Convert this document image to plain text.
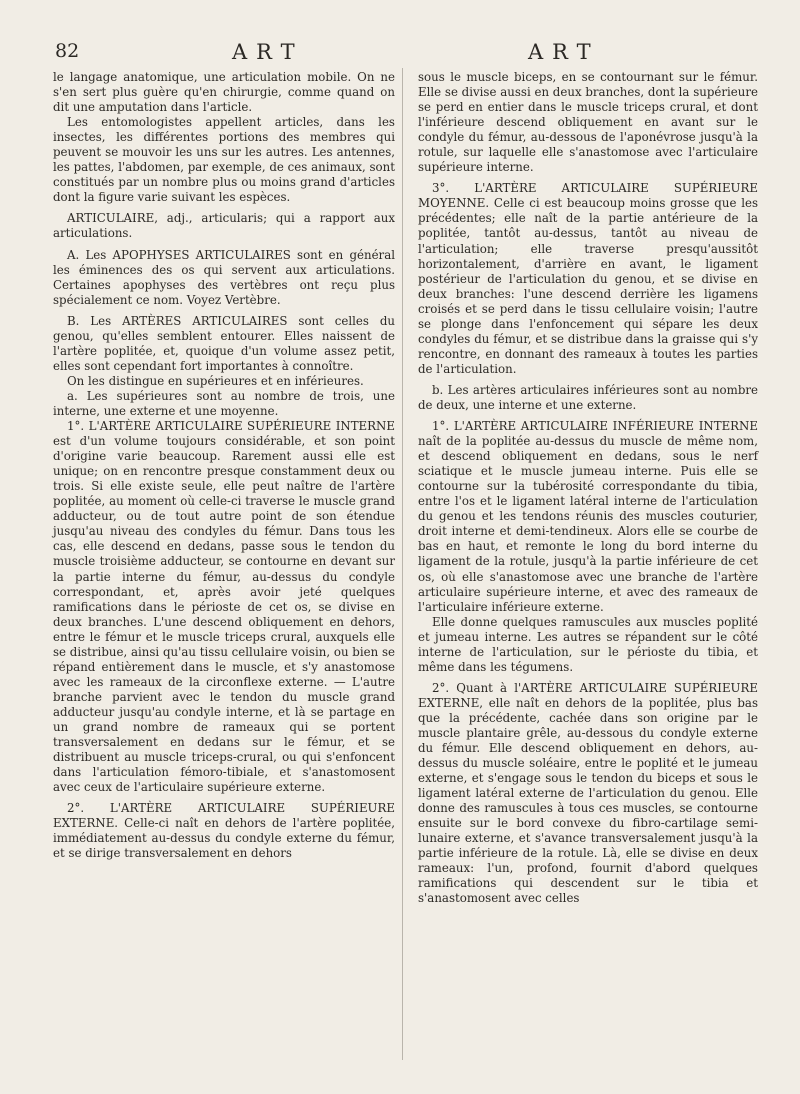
82	ART	ART

le langage anatomique, une articulation mobile. On ne s'en sert plus guère qu'en chirurgie, comme quand on dit une amputation dans l'article.

Les entomologistes appellent articles, dans les insectes, les différentes portions des membres qui peuvent se mouvoir les uns sur les autres. Les antennes, les pattes, l'abdomen, par exemple, de ces animaux, sont constitués par un nombre plus ou moins grand d'articles dont la figure varie suivant les espèces.

ARTICULAIRE, adj., articularis; qui a rapport aux articulations.

A. Les APOPHYSES ARTICULAIRES sont en général les éminences des os qui servent aux articulations. Certaines apophyses des vertèbres ont reçu plus spécialement ce nom. Voyez Vertèbre.

B. Les ARTÈRES ARTICULAIRES sont celles du genou, qu'elles semblent entourer. Elles naissent de l'artère poplitée, et, quoique d'un volume assez petit, elles sont cependant fort importantes à connoître.

On les distingue en supérieures et en inférieures.

a. Les supérieures sont au nombre de trois, une interne, une externe et une moyenne.

1°. L'ARTÈRE ARTICULAIRE SUPÉRIEURE INTERNE est d'un volume toujours considérable, et son point d'origine varie beaucoup. Rarement aussi elle est unique; on en rencontre presque constamment deux ou trois. Si elle existe seule, elle peut naître de l'artère poplitée, au moment où celle-ci traverse le muscle grand adducteur, ou de tout autre point de son étendue jusqu'au niveau des condyles du fémur. Dans tous les cas, elle descend en dedans, passe sous le tendon du muscle troisième adducteur, se contourne en devant sur la partie interne du fémur, au-dessus du condyle correspondant, et, après avoir jeté quelques ramifications dans le périoste de cet os, se divise en deux branches. L'une descend obliquement en dehors, entre le fémur et le muscle triceps crural, auxquels elle se distribue, ainsi qu'au tissu cellulaire voisin, ou bien se répand entièrement dans le muscle, et s'y anastomose avec les rameaux de la circonflexe externe. — L'autre branche parvient avec le tendon du muscle grand adducteur jusqu'au condyle interne, et là se partage en un grand nombre de rameaux qui se portent transversalement en dedans sur le fémur, et se distribuent au muscle triceps-crural, ou qui s'enfoncent dans l'articulation fémoro-tibiale, et s'anastomosent avec ceux de l'articulaire supérieure externe.

2°. L'ARTÈRE ARTICULAIRE SUPÉRIEURE EXTERNE. Celle-ci naît en dehors de l'artère poplitée, immédiatement au-dessus du condyle externe du fémur, et se dirige transversalement en dehors

sous le muscle biceps, en se contournant sur le fémur. Elle se divise aussi en deux branches, dont la supérieure se perd en entier dans le muscle triceps crural, et dont l'inférieure descend obliquement en avant sur le condyle du fémur, au-dessous de l'aponévrose jusqu'à la rotule, sur laquelle elle s'anastomose avec l'articulaire supérieure interne.

3°. L'ARTÈRE ARTICULAIRE SUPÉRIEURE MOYENNE. Celle ci est beaucoup moins grosse que les précédentes; elle naît de la partie antérieure de la poplitée, tantôt au-dessus, tantôt au niveau de l'articulation; elle traverse presqu'aussitôt horizontalement, d'arrière en avant, le ligament postérieur de l'articulation du genou, et se divise en deux branches: l'une descend derrière les ligamens croisés et se perd dans le tissu cellulaire voisin; l'autre se plonge dans l'enfoncement qui sépare les deux condyles du fémur, et se distribue dans la graisse qui s'y rencontre, en donnant des rameaux à toutes les parties de l'articulation.

b. Les artères articulaires inférieures sont au nombre de deux, une interne et une externe.

1°. L'ARTÈRE ARTICULAIRE INFÉRIEURE INTERNE naît de la poplitée au-dessus du muscle de même nom, et descend obliquement en dedans, sous le nerf sciatique et le muscle jumeau interne. Puis elle se contourne sur la tubérosité correspondante du tibia, entre l'os et le ligament latéral interne de l'articulation du genou et les tendons réunis des muscles couturier, droit interne et demi-tendineux. Alors elle se courbe de bas en haut, et remonte le long du bord interne du ligament de la rotule, jusqu'à la partie inférieure de cet os, où elle s'anastomose avec une branche de l'artère articulaire supérieure interne, et avec des rameaux de l'articulaire inférieure externe.

Elle donne quelques ramuscules aux muscles poplité et jumeau interne. Les autres se répandent sur le côté interne de l'articulation, sur le périoste du tibia, et même dans les tégumens.

2°. Quant à l'ARTÈRE ARTICULAIRE SUPÉRIEURE EXTERNE, elle naît en dehors de la poplitée, plus bas que la précédente, cachée dans son origine par le muscle plantaire grêle, au-dessous du condyle externe du fémur. Elle descend obliquement en dehors, au-dessus du muscle soléaire, entre le poplité et le jumeau externe, et s'engage sous le tendon du biceps et sous le ligament latéral externe de l'articulation du genou. Elle donne des ramuscules à tous ces muscles, se contourne ensuite sur le bord convexe du fibro-cartilage semi-lunaire externe, et s'avance transversalement jusqu'à la partie inférieure de la rotule. Là, elle se divise en deux rameaux: l'un, profond, fournit d'abord quelques ramifications qui descendent sur le tibia et s'anastomosent avec celles
